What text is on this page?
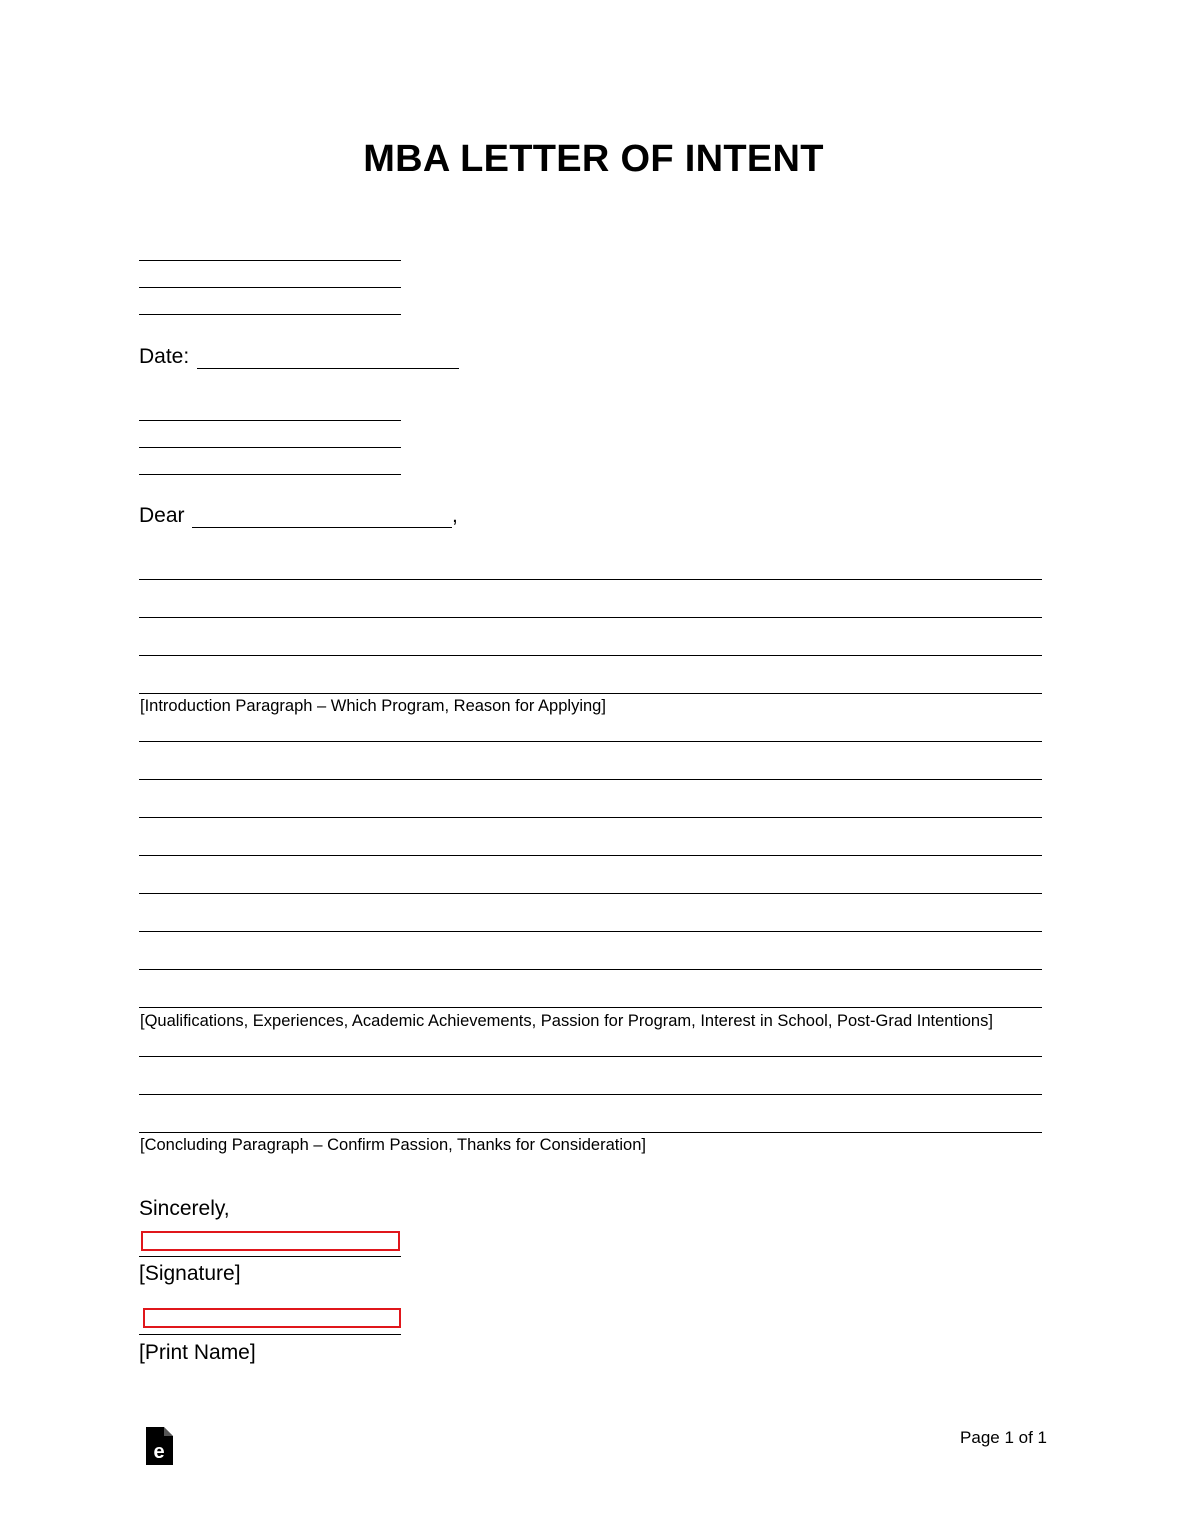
MBA LETTER OF INTENT
Date:
Dear	,
[Introduction Paragraph – Which Program, Reason for Applying]
[Qualifications, Experiences, Academic Achievements, Passion for Program, Interest in School, Post-Grad Intentions]
[Concluding Paragraph – Confirm Passion, Thanks for Consideration]
Sincerely,
[Signature]
[Print Name]
e
Page 1 of 1
